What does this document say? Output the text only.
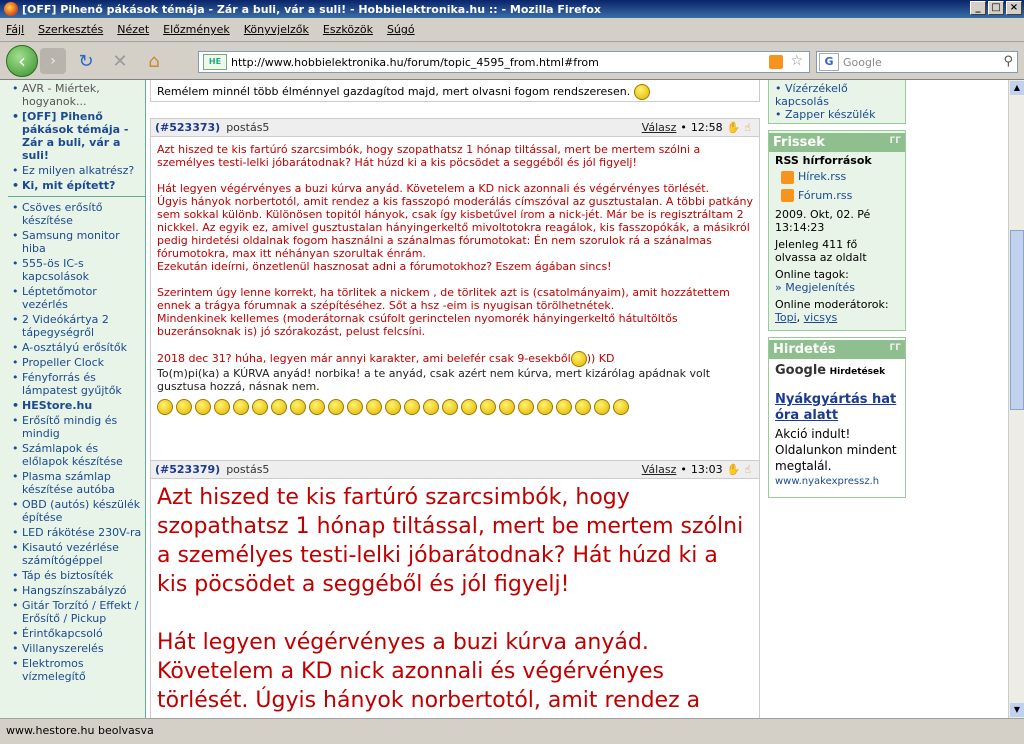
[OFF] Pihenő pákások témája - Zár a buli, vár a suli! - Hobbielektronika.hu :: - Mozilla Firefox	_	□ ×
Fájl Szerkesztés Nézet Előzmények Könyvjelzők Eszközök Súgó
‹	›	↻	✕	⌂	HE http://www.hobbielektronika.hu/forum/topic_4595_from.html#from	☆	G Google	⚲
• AVR - Miértek, hogyanok...
• [OFF] Pihenő pákások témája - Zár a buli, vár a suli!
• Ez milyen alkatrész?
• Ki, mit épített?
• Csöves erősítő készítése
• Samsung monitor hiba
• 555-ös IC-s kapcsolások
• Léptetőmotor vezérlés
• 2 Videókártya 2 tápegységről
• A-osztályú erősítők
• Propeller Clock
• Fényforrás és lámpatest gyűjtők
• HEStore.hu
• Erősítő mindig és mindig
• Számlapok és előlapok készítése
• Plasma számlap készítése autóba
• OBD (autós) készülék építése
• LED rákötése 230V-ra
• Kisautó vezérlése számítógéppel
• Táp és biztosíték
• Hangszínszabályzó
• Gitár Torzító / Effekt / Erősítő / Pickup
• Érintőkapcsoló
• Villanyszerelés
• Elektromos vízmelegítő
Remélem minnél több élménnyel gazdagítod majd, mert olvasni fogom rendszeresen.
(#523373) postás5	Válasz • 12:58 ✋ ☝
Azt hiszed te kis fartúró szarcsimbók, hogy szopathatsz 1 hónap tiltással, mert be mertem szólni a személyes testi-lelki jóbarátodnak? Hát húzd ki a kis pöcsödet a seggéből és jól figyelj!

Hát legyen végérvényes a buzi kúrva anyád. Követelem a KD nick azonnali és végérvényes törlését.
Úgyis hányok norbertotól, amit rendez a kis fasszopó moderálás címszóval az gusztustalan. A többi patkány sem sokkal különb. Különösen topitól hányok, csak így kisbetűvel írom a nick-jét. Már be is regisztráltam 2 nickkel. Az egyik ez, amivel gusztustalan hányingerkeltő mivoltotokra reagálok, kis fasszopókák, a másikról pedig hirdetési oldalnak fogom használni a szánalmas fórumotokat: Én nem szorulok rá a szánalmas fórumotokra, max itt néhányan szorultak énrám.
Ezekután ideírni, önzetlenül hasznosat adni a fórumotokhoz? Eszem ágában sincs!

Szerintem úgy lenne korrekt, ha törlitek a nickem , de törlitek azt is (csatolmányaim), amit hozzátettem ennek a trágya fórumnak a szépítéséhez. Sőt a hsz -eim is nyugisan törölhetnétek.
Mindenkinek kellemes (moderátornak csúfolt gerinctelen nyomorék hányingerkeltő hátultöltős buzeránsoknak is) jó szórakozást, pelust felcsíni.

2018 dec 31? húha, legyen már annyi karakter, ami belefér csak 9-esekből )) KD
To(m)pi(ka) a KÚRVA anyád! norbika! a te anyád, csak azért nem kúrva, mert kizárólag apádnak volt gusztusa hozzá, násnak nem.
(#523379) postás5	Válasz • 13:03 ✋ ☝
Azt hiszed te kis fartúró szarcsimbók, hogy szopathatsz 1 hónap tiltással, mert be mertem szólni a személyes testi-lelki jóbarátodnak? Hát húzd ki a kis pöcsödet a seggéből és jól figyelj!

Hát legyen végérvényes a buzi kúrva anyád. Követelem a KD nick azonnali és végérvényes törlését. Úgyis hányok norbertotól, amit rendez a
• Vízérzékelő kapcsolás
• Zapper készülék
Frissek	ΓΓ
RSS hírforrások
Hírek.rss
Fórum.rss
2009. Okt, 02. Pé 13:14:23
Jelenleg 411 fő olvassa az oldalt
Online tagok:
» Megjelenítés
Online moderátorok:
Topi, vicsys
Hirdetés	ΓΓ
Google Hirdetések
Nyákgyártás hat óra alatt
Akció indult! Oldalunkon mindent megtalál.
www.nyakexpressz.h
▲
▼
www.hestore.hu beolvasva
